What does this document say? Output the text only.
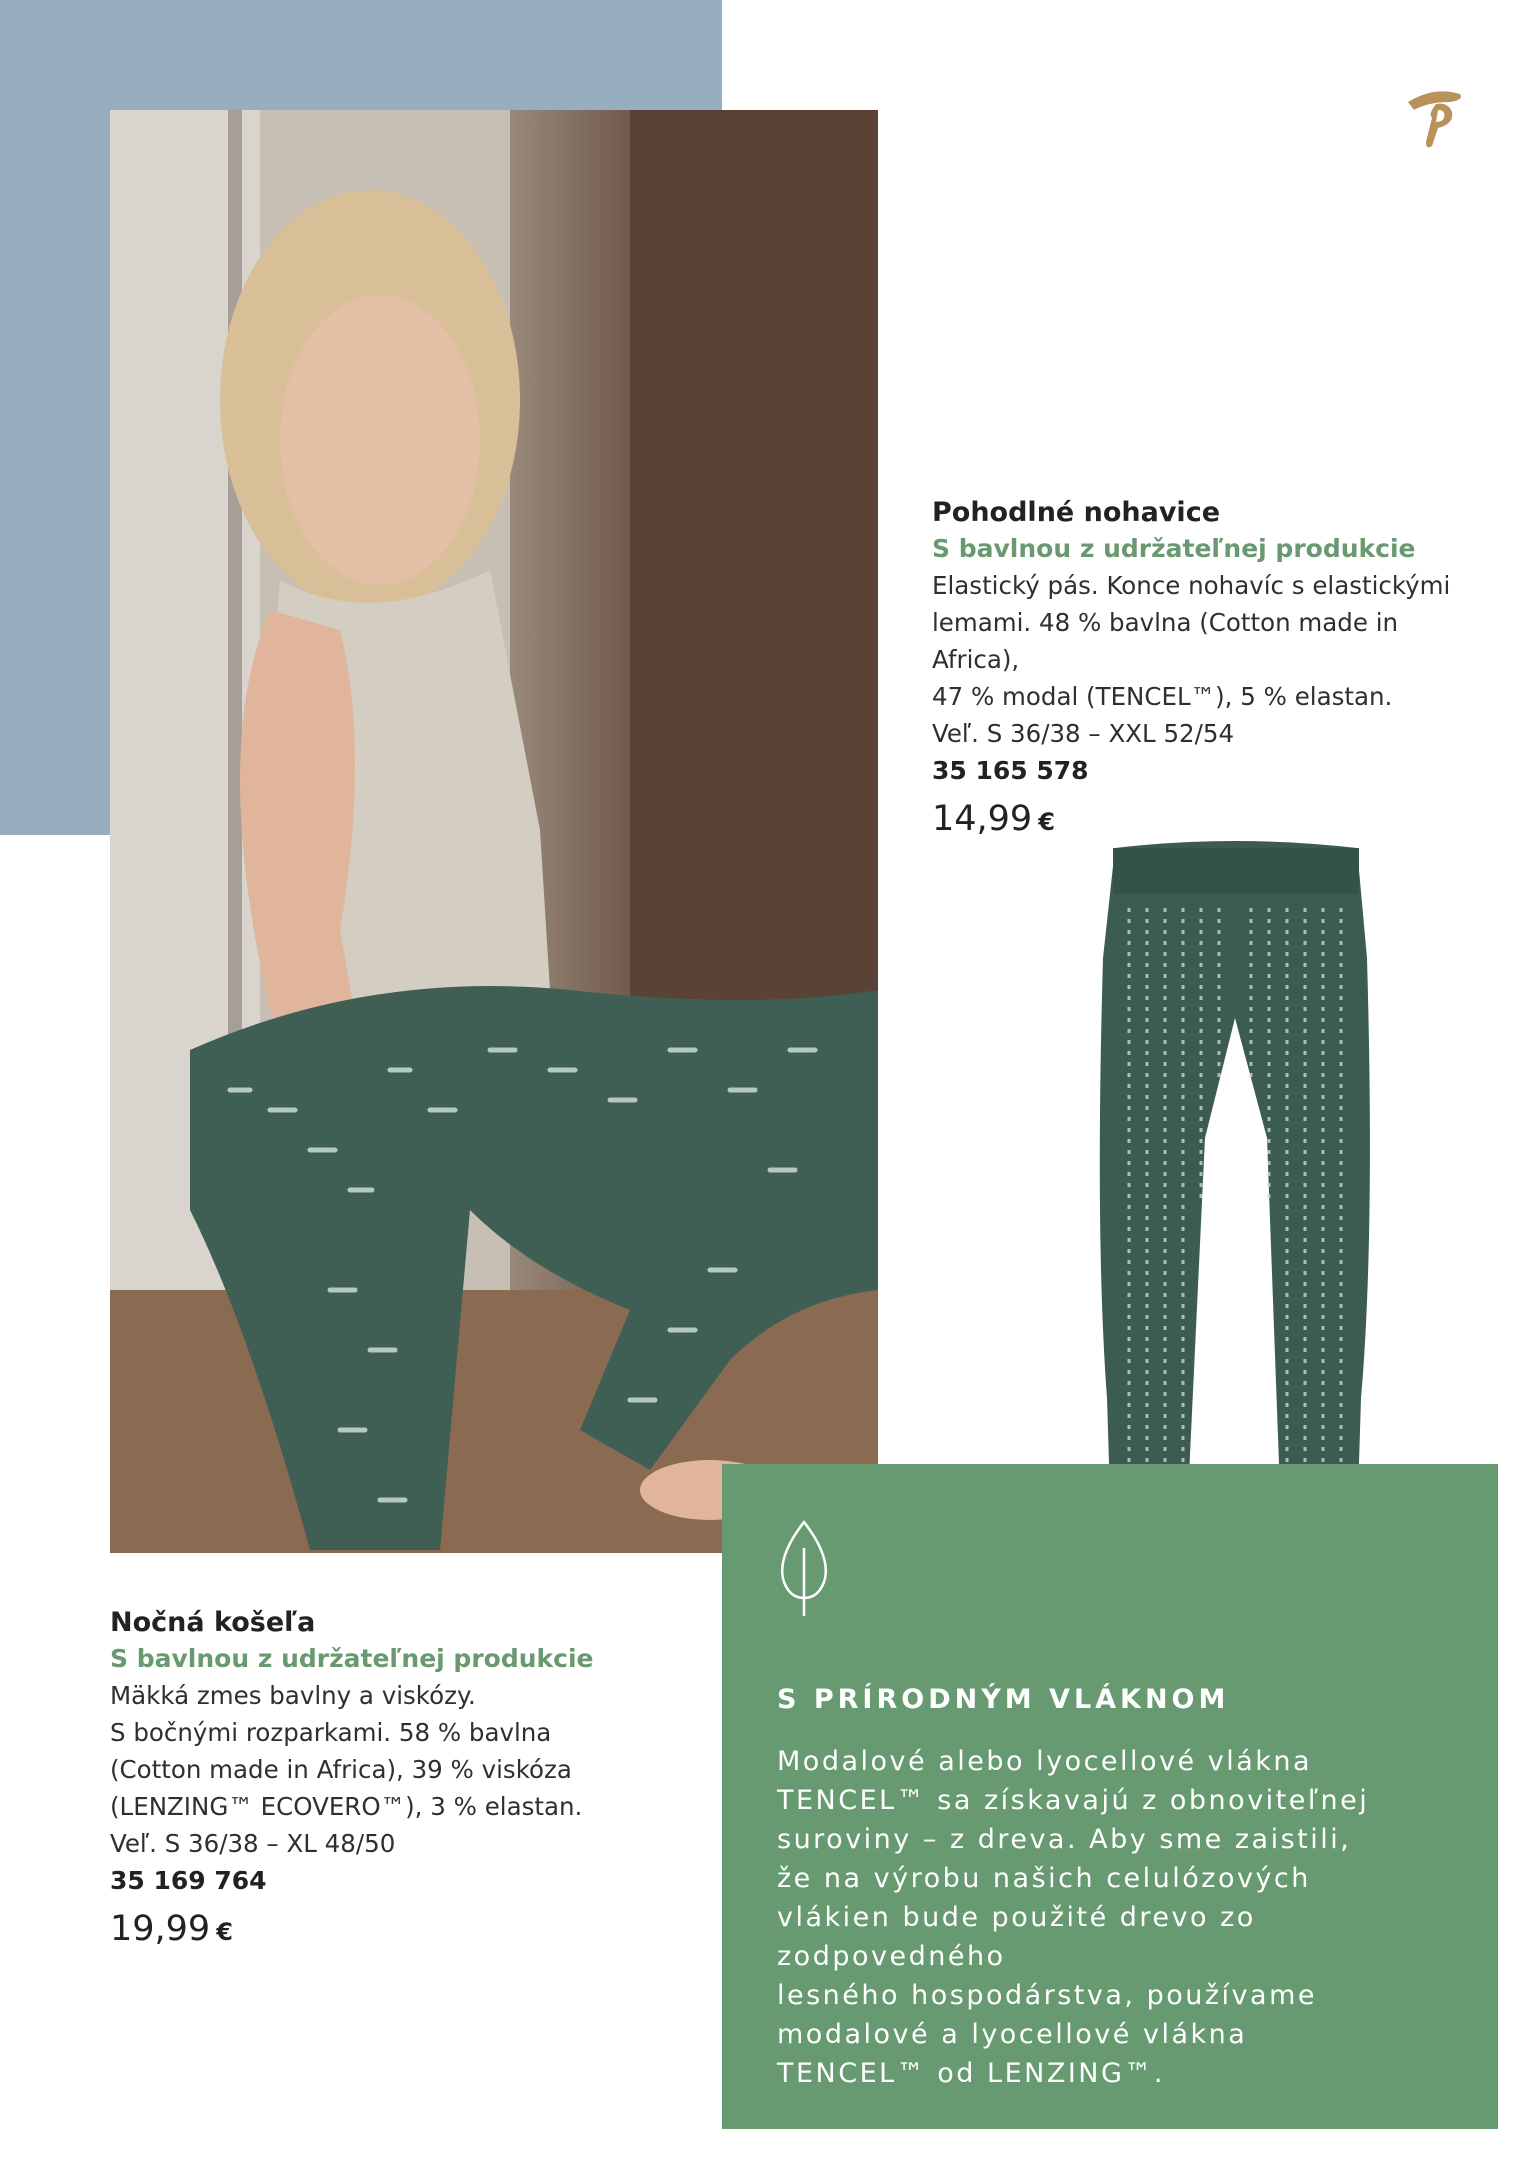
Pohodlné nohavice
S bavlnou z udržateľnej produkcie
Elastický pás. Konce nohavíc s elastickými
lemami. 48 % bavlna (Cotton made in Africa),
47 % modal (TENCEL™), 5 % elastan.
Veľ. S 36/38 – XXL 52/54
35 165 578
14,99 €
Nočná košeľa
S bavlnou z udržateľnej produkcie
Mäkká zmes bavlny a viskózy.
S bočnými rozparkami. 58 % bavlna
(Cotton made in Africa), 39 % viskóza
(LENZING™ ECOVERO™), 3 % elastan.
Veľ. S 36/38 – XL 48/50
35 169 764
19,99 €
S PRÍRODNÝM VLÁKNOM
Modalové alebo lyocellové vlákna
TENCEL™ sa získavajú z obnoviteľnej
suroviny – z dreva. Aby sme zaistili,
že na výrobu našich celulózových
vlákien bude použité drevo zo zodpovedného
lesného hospodárstva, používame
modalové a lyocellové vlákna
TENCEL™ od LENZING™.
